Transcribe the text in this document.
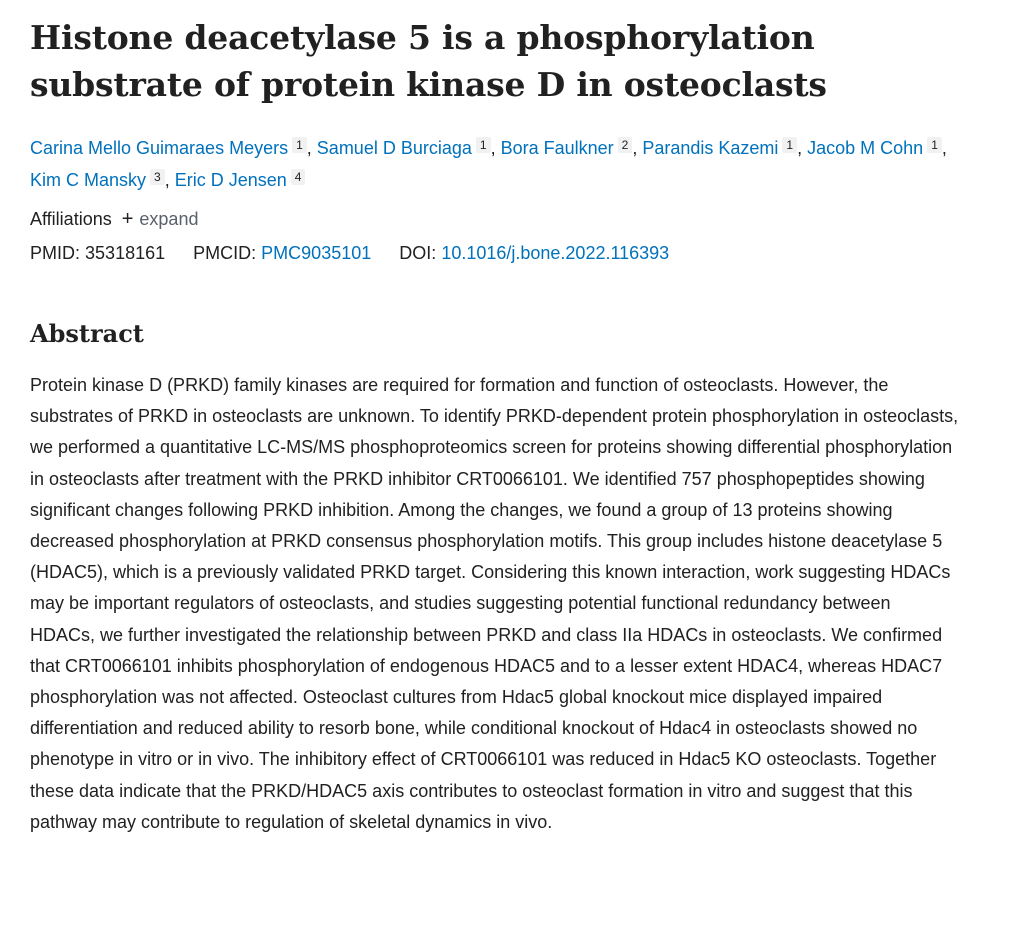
Histone deacetylase 5 is a phosphorylation substrate of protein kinase D in osteoclasts
Carina Mello Guimaraes Meyers 1 , Samuel D Burciaga 1 , Bora Faulkner 2 , Parandis Kazemi 1 , Jacob M Cohn 1 , Kim C Mansky 3 , Eric D Jensen 4
Affiliations + expand
PMID: 35318161 PMCID: PMC9035101 DOI: 10.1016/j.bone.2022.116393
Abstract

Protein kinase D (PRKD) family kinases are required for formation and function of osteoclasts. However, the substrates of PRKD in osteoclasts are unknown. To identify PRKD-dependent protein phosphorylation in osteoclasts, we performed a quantitative LC-MS/MS phosphoproteomics screen for proteins showing differential phosphorylation in osteoclasts after treatment with the PRKD inhibitor CRT0066101. We identified 757 phosphopeptides showing significant changes following PRKD inhibition. Among the changes, we found a group of 13 proteins showing decreased phosphorylation at PRKD consensus phosphorylation motifs. This group includes histone deacetylase 5 (HDAC5), which is a previously validated PRKD target. Considering this known interaction, work suggesting HDACs may be important regulators of osteoclasts, and studies suggesting potential functional redundancy between HDACs, we further investigated the relationship between PRKD and class IIa HDACs in osteoclasts. We confirmed that CRT0066101 inhibits phosphorylation of endogenous HDAC5 and to a lesser extent HDAC4, whereas HDAC7 phosphorylation was not affected. Osteoclast cultures from Hdac5 global knockout mice displayed impaired differentiation and reduced ability to resorb bone, while conditional knockout of Hdac4 in osteoclasts showed no phenotype in vitro or in vivo. The inhibitory effect of CRT0066101 was reduced in Hdac5 KO osteoclasts. Together these data indicate that the PRKD/HDAC5 axis contributes to osteoclast formation in vitro and suggest that this pathway may contribute to regulation of skeletal dynamics in vivo.
